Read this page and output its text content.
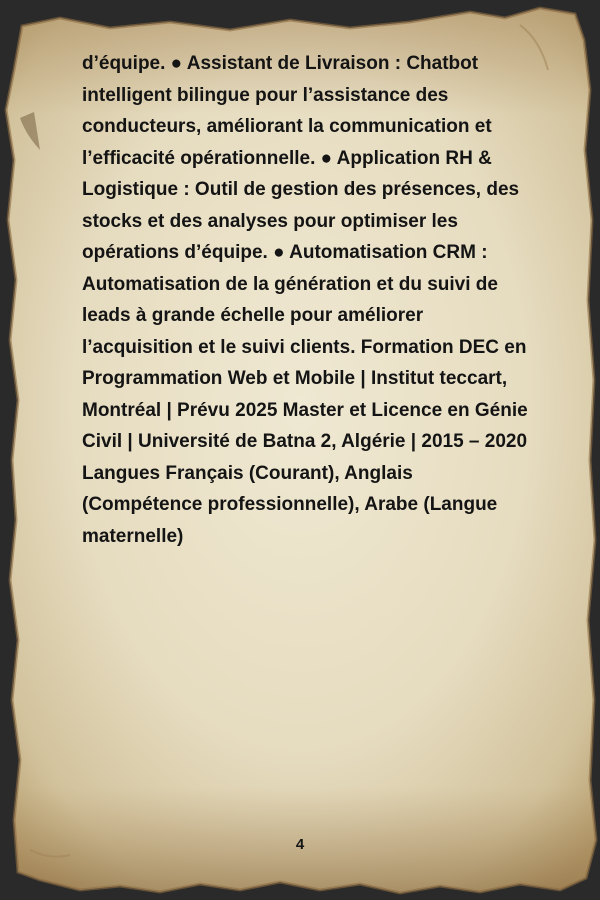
d’équipe. ● Assistant de Livraison : Chatbot intelligent bilingue pour l’assistance des conducteurs, améliorant la communication et l’efficacité opérationnelle. ● Application RH & Logistique : Outil de gestion des présences, des stocks et des analyses pour optimiser les opérations d’équipe. ● Automatisation CRM : Automatisation de la génération et du suivi de leads à grande échelle pour améliorer l’acquisition et le suivi clients. Formation DEC en Programmation Web et Mobile | Institut teccart, Montréal | Prévu 2025 Master et Licence en Génie Civil | Université de Batna 2, Algérie | 2015 – 2020 Langues Français (Courant), Anglais (Compétence professionnelle), Arabe (Langue maternelle)

4
